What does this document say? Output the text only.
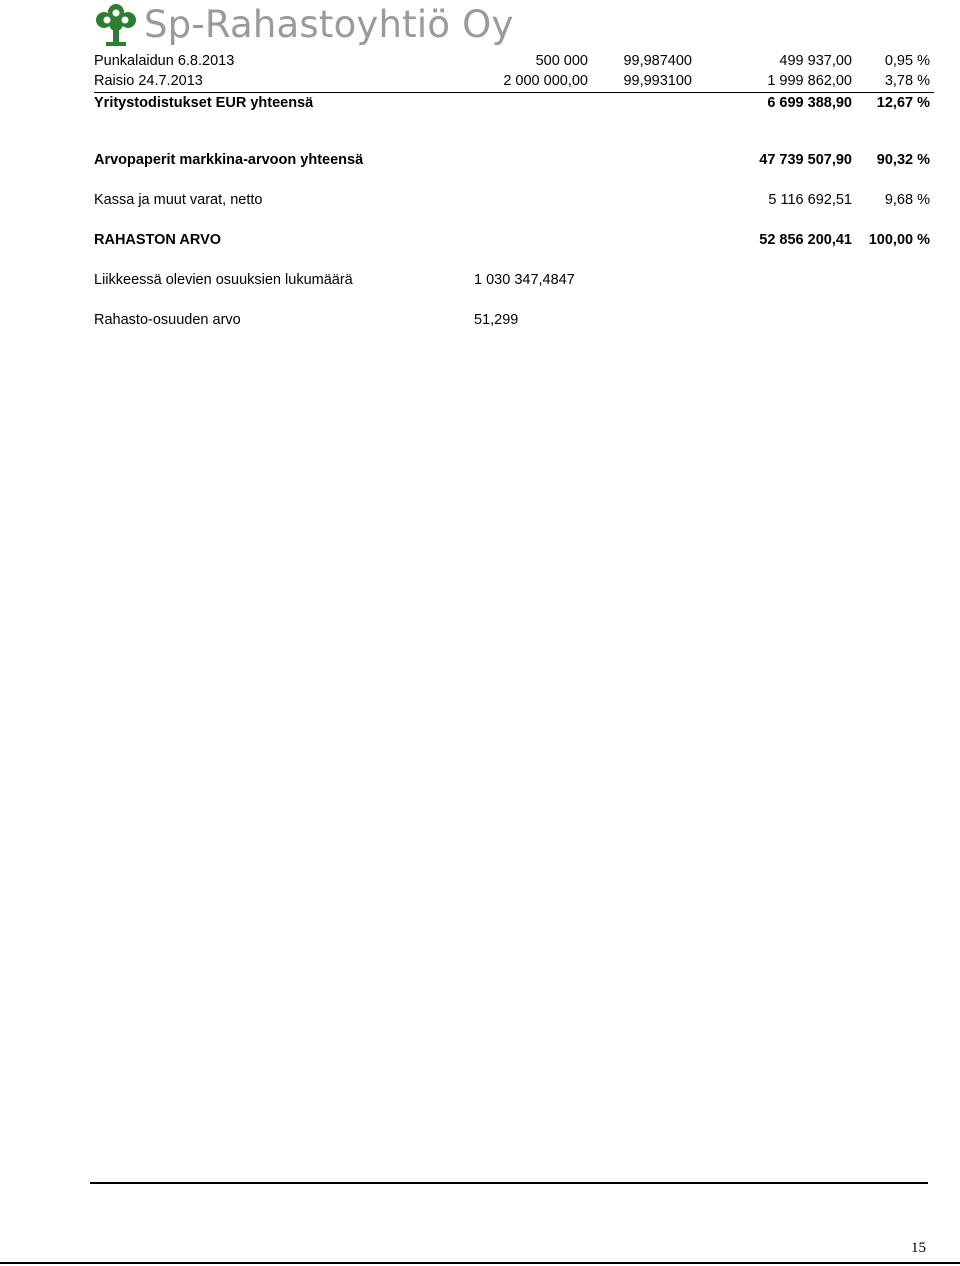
Sp-Rahastoyhtiö Oy
Punkalaidun 6.8.2013	500 000 99,987400	499 937,00 0,95 %
Raisio 24.7.2013	2 000 000,00 99,993100	1 999 862,00 3,78 %
Yritystodistukset EUR yhteensä	6 699 388,90 12,67 %
Arvopaperit markkina-arvoon yhteensä	47 739 507,90 90,32 %
Kassa ja muut varat, netto	5 116 692,51 9,68 %
RAHASTON ARVO	52 856 200,41 100,00 %
Liikkeessä olevien osuuksien lukumäärä	1 030 347,4847
Rahasto-osuuden arvo	51,299
15
